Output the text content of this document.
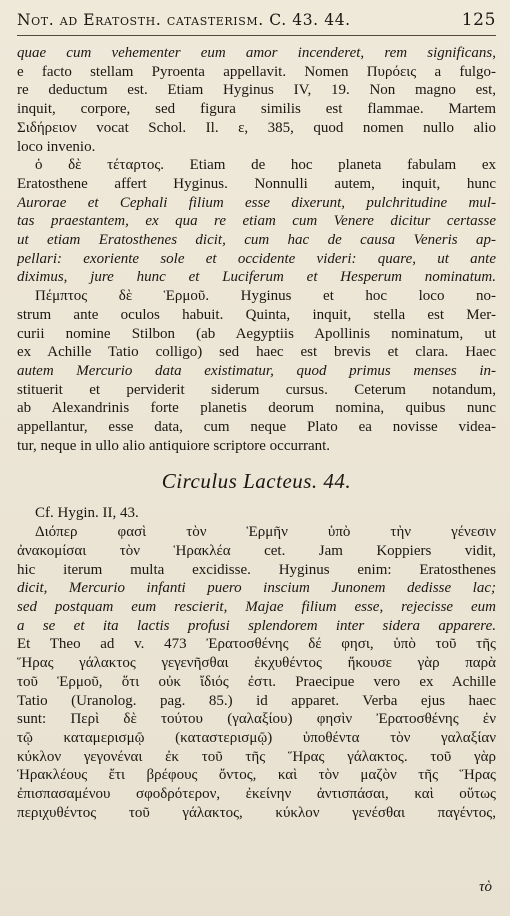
Not. ad Eratosth. catasterism. C. 43. 44.	125
quae cum vehementer eum amor incenderet, rem significans,
e facto stellam Pyroenta appellavit. Nomen Πυρόεις a fulgo-
re deductum est. Etiam Hyginus IV, 19. Non magno est,
inquit, corpore, sed figura similis est flammae. Martem
Σιδήρειον vocat Schol. Il. ε, 385, quod nomen nullo alio
loco invenio.
ὁ δὲ τέταρτος. Etiam de hoc planeta fabulam ex
Eratosthene affert Hyginus. Nonnulli autem, inquit, hunc
Aurorae et Cephali filium esse dixerunt, pulchritudine mul-
tas praestantem, ex qua re etiam cum Venere dicitur certasse
ut etiam Eratosthenes dicit, cum hac de causa Veneris ap-
pellari: exoriente sole et occidente videri: quare, ut ante
diximus, jure hunc et Luciferum et Hesperum nominatum.
Πέμπτος δὲ Ἑρμοῦ. Hyginus et hoc loco no-
strum ante oculos habuit. Quinta, inquit, stella est Mer-
curii nomine Stilbon (ab Aegyptiis Apollinis nominatum, ut
ex Achille Tatio colligo) sed haec est brevis et clara. Haec
autem Mercurio data existimatur, quod primus menses in-
stituerit et perviderit siderum cursus. Ceterum notandum,
ab Alexandrinis forte planetis deorum nomina, quibus nunc
appellantur, esse data, cum neque Plato ea novisse videa-
tur, neque in ullo alio antiquiore scriptore occurrant.
Circulus Lacteus. 44.
Cf. Hygin. II, 43.
Διόπερ φασὶ τὸν Ἑρμῆν ὑπὸ τὴν γένεσιν
ἀνακομίσαι τὸν Ἡρακλέα cet. Jam Koppiers vidit,
hic iterum multa excidisse. Hyginus enim: Eratosthenes
dicit, Mercurio infanti puero inscium Junonem dedisse lac;
sed postquam eum rescierit, Majae filium esse, rejecisse eum
a se et ita lactis profusi splendorem inter sidera apparere.
Et Theo ad v. 473 Ἐρατοσθένης δέ φησι, ὑπὸ τοῦ τῆς
Ἥρας γάλακτος γεγενῆσθαι ἐκχυθέντος ἤκουσε γὰρ παρὰ
τοῦ Ἑρμοῦ, ὅτι οὐκ ἴδιός ἐστι. Praecipue vero ex Achille
Tatio (Uranolog. pag. 85.) id apparet. Verba ejus haec
sunt: Περὶ δὲ τούτου (γαλαξίου) φησὶν Ἐρατοσθένης ἐν
τῷ καταμερισμῷ (καταστερισμῷ) ὑποθέντα τὸν γαλαξίαν
κύκλον γεγονέναι ἐκ τοῦ τῆς Ἥρας γάλακτος. τοῦ γὰρ
Ἡρακλέους ἔτι βρέφους ὄντος, καὶ τὸν μαζὸν τῆς Ἥρας
ἐπισπασαμένου σφοδρότερον, ἐκείνην ἀντισπάσαι, καὶ οὕτως
περιχυθέντος τοῦ γάλακτος, κύκλον γενέσθαι παγέντος,
τὸ
